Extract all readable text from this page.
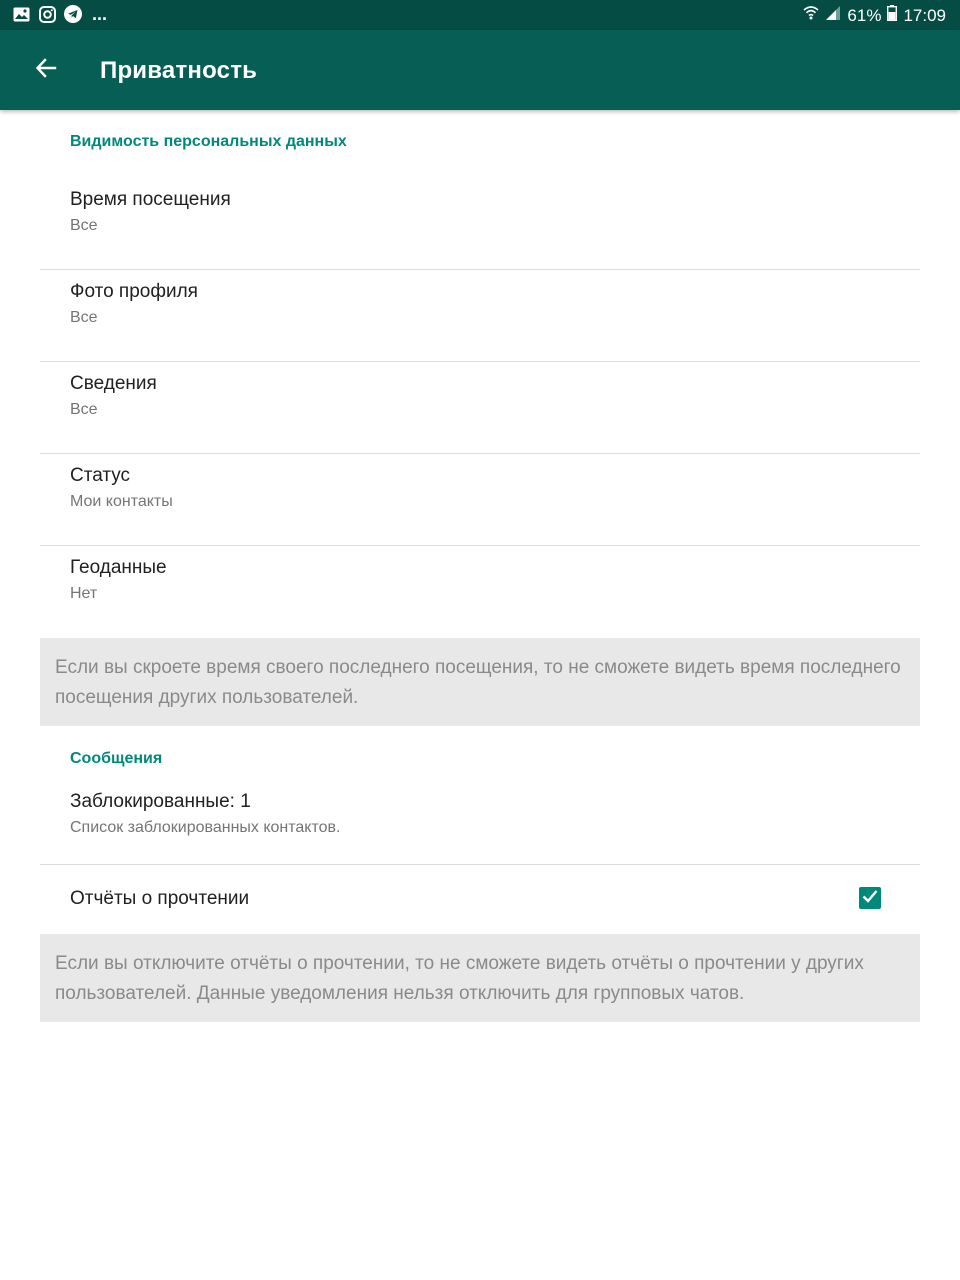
...	61% 17:09
Приватность
Видимость персональных данных
Время посещения
Все
Фото профиля
Все
Сведения
Все
Статус
Мои контакты
Геоданные
Нет
Если вы скроете время своего последнего посещения, то не сможете видеть время последнего посещения других пользователей.
Сообщения
Заблокированные: 1
Список заблокированных контактов.
Отчёты о прочтении
Если вы отключите отчёты о прочтении, то не сможете видеть отчёты о прочтении у других пользователей. Данные уведомления нельзя отключить для групповых чатов.
